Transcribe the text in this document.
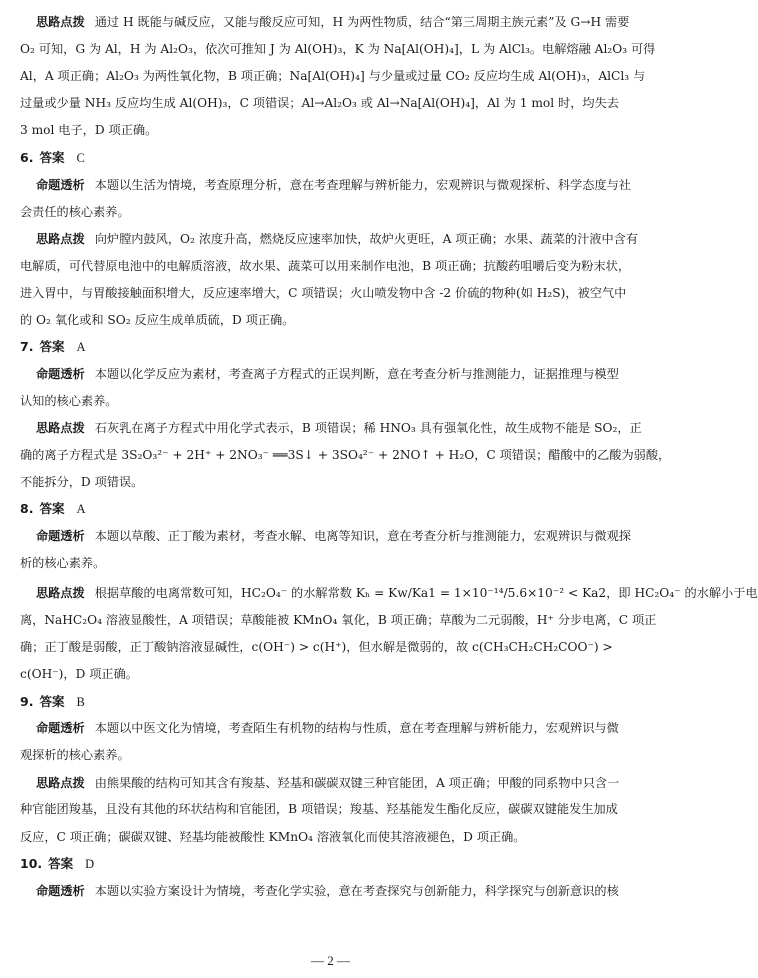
思路点拨 通过 H 既能与碱反应，又能与酸反应可知，H 为两性物质，结合“第三周期主族元素”及 G→H 需要
O₂ 可知，G 为 Al，H 为 Al₂O₃，依次可推知 J 为 Al(OH)₃，K 为 Na[Al(OH)₄]，L 为 AlCl₃。电解熔融 Al₂O₃ 可得
Al，A 项正确；Al₂O₃ 为两性氧化物，B 项正确；Na[Al(OH)₄] 与少量或过量 CO₂ 反应均生成 Al(OH)₃，AlCl₃ 与
过量或少量 NH₃ 反应均生成 Al(OH)₃，C 项错误；Al→Al₂O₃ 或 Al→Na[Al(OH)₄]，Al 为 1 mol 时，均失去
3 mol 电子，D 项正确。
6. 答案 C
命题透析 本题以生活为情境，考查原理分析，意在考查理解与辨析能力，宏观辨识与微观探析、科学态度与社
会责任的核心素养。
思路点拨 向炉膛内鼓风，O₂ 浓度升高，燃烧反应速率加快，故炉火更旺，A 项正确；水果、蔬菜的汁液中含有
电解质，可代替原电池中的电解质溶液，故水果、蔬菜可以用来制作电池，B 项正确；抗酸药咀嚼后变为粉末状，
进入胃中，与胃酸接触面积增大，反应速率增大，C 项错误；火山喷发物中含 -2 价硫的物种(如 H₂S)，被空气中
的 O₂ 氧化或和 SO₂ 反应生成单质硫，D 项正确。
7. 答案 A
命题透析 本题以化学反应为素材，考查离子方程式的正误判断，意在考查分析与推测能力，证据推理与模型
认知的核心素养。
思路点拨 石灰乳在离子方程式中用化学式表示，B 项错误；稀 HNO₃ 具有强氧化性，故生成物不能是 SO₂，正
确的离子方程式是 3S₂O₃²⁻ + 2H⁺ + 2NO₃⁻ ══3S↓ + 3SO₄²⁻ + 2NO↑ + H₂O，C 项错误；醋酸中的乙酸为弱酸，
不能拆分，D 项错误。
8. 答案 A
命题透析 本题以草酸、正丁酸为素材，考查水解、电离等知识，意在考查分析与推测能力，宏观辨识与微观探
析的核心素养。
思路点拨 根据草酸的电离常数可知，HC₂O₄⁻ 的水解常数 Kₕ = Kw/Ka1 = 1×10⁻¹⁴/5.6×10⁻² < Ka2，即 HC₂O₄⁻ 的水解小于电
离，NaHC₂O₄ 溶液显酸性，A 项错误；草酸能被 KMnO₄ 氧化，B 项正确；草酸为二元弱酸，H⁺ 分步电离，C 项正
确；正丁酸是弱酸，正丁酸钠溶液显碱性，c(OH⁻) > c(H⁺)，但水解是微弱的，故 c(CH₃CH₂CH₂COO⁻) >
c(OH⁻)，D 项正确。
9. 答案 B
命题透析 本题以中医文化为情境，考查陌生有机物的结构与性质，意在考查理解与辨析能力，宏观辨识与微
观探析的核心素养。
思路点拨 由熊果酸的结构可知其含有羧基、羟基和碳碳双键三种官能团，A 项正确；甲酸的同系物中只含一
种官能团羧基，且没有其他的环状结构和官能团，B 项错误；羧基、羟基能发生酯化反应，碳碳双键能发生加成
反应，C 项正确；碳碳双键、羟基均能被酸性 KMnO₄ 溶液氧化而使其溶液褪色，D 项正确。
10. 答案 D
命题透析 本题以实验方案设计为情境，考查化学实验，意在考查探究与创新能力，科学探究与创新意识的核
— 2 —
